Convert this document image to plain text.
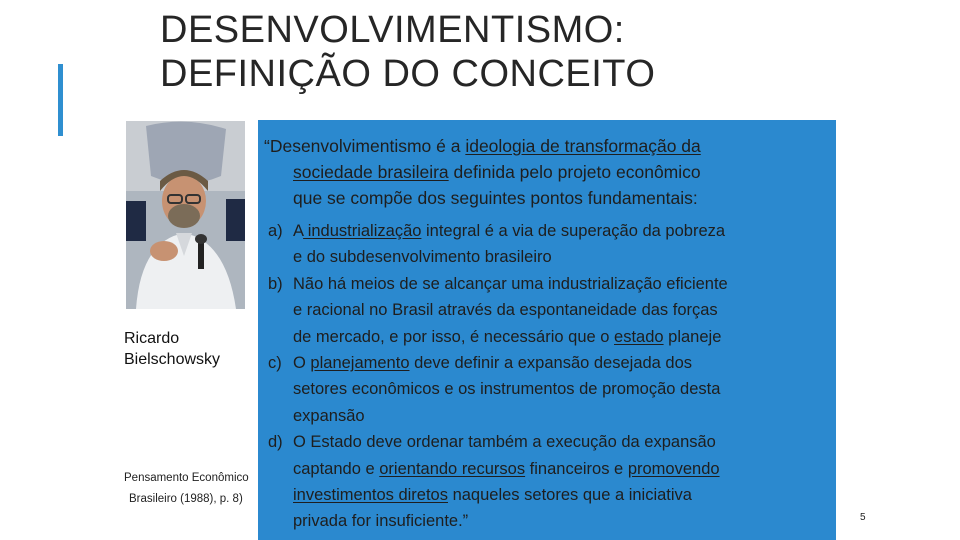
DESENVOLVIMENTISMO:
DEFINIÇÃO DO CONCEITO
Ricardo
Bielschowsky
Pensamento Econômico
Brasileiro (1988), p. 8)
“Desenvolvimentismo é a ideologia de transformação da
sociedade brasileira definida pelo projeto econômico
que se compõe dos seguintes pontos fundamentais:
a) A industrialização integral é a via de superação da pobreza
e do subdesenvolvimento brasileiro
b) Não há meios de se alcançar uma industrialização eficiente
e racional no Brasil através da espontaneidade das forças
de mercado, e por isso, é necessário que o estado planeje
c) O planejamento deve definir a expansão desejada dos
setores econômicos e os instrumentos de promoção desta
expansão
d) O Estado deve ordenar também a execução da expansão
captando e orientando recursos financeiros e promovendo
investimentos diretos naqueles setores que a iniciativa
privada for insuficiente.”	5
